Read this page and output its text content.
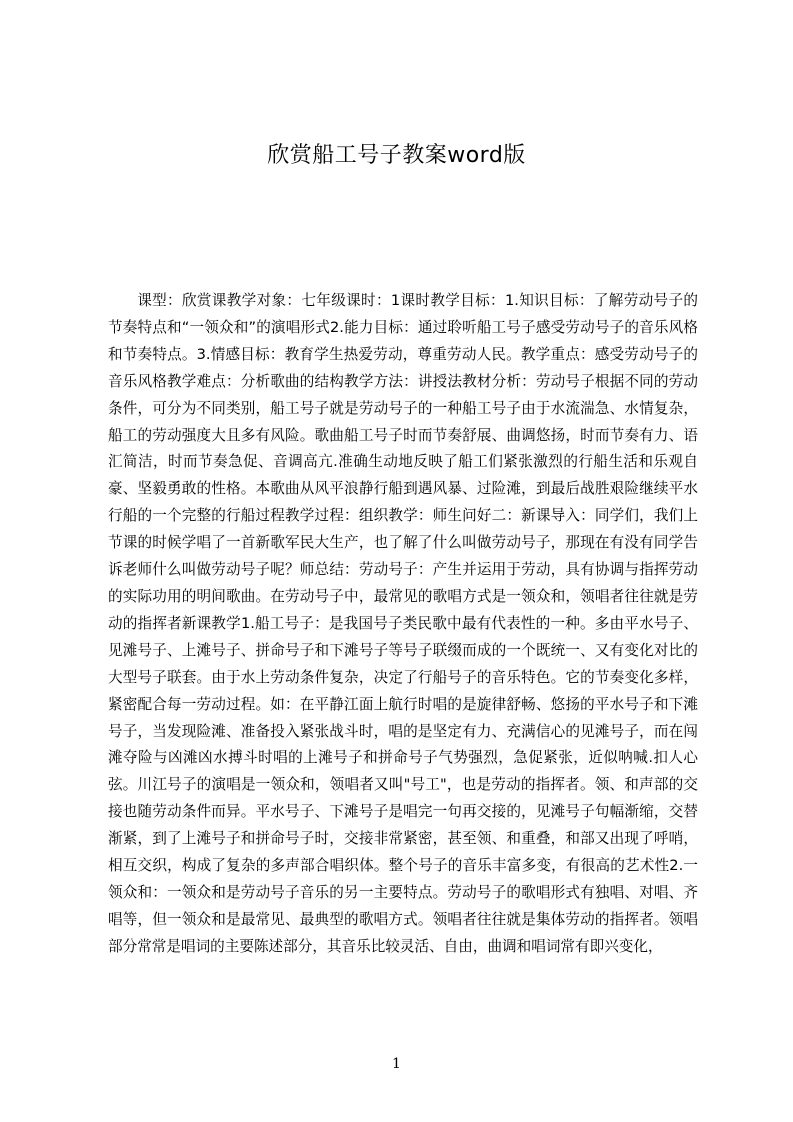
欣赏船工号子教案word版

课型：欣赏课教学对象：七年级课时：1课时教学目标：1.知识目标：了解劳动号子的节奏特点和“一领众和”的演唱形式2.能力目标：通过聆听船工号子感受劳动号子的音乐风格和节奏特点。3.情感目标：教育学生热爱劳动，尊重劳动人民。教学重点：感受劳动号子的音乐风格教学难点：分析歌曲的结构教学方法：讲授法教材分析：劳动号子根据不同的劳动条件，可分为不同类别，船工号子就是劳动号子的一种船工号子由于水流湍急、水情复杂，船工的劳动强度大且多有风险。歌曲船工号子时而节奏舒展、曲调悠扬，时而节奏有力、语汇简洁，时而节奏急促、音调高亢.准确生动地反映了船工们紧张激烈的行船生活和乐观自豪、坚毅勇敢的性格。本歌曲从风平浪静行船到遇风暴、过险滩，到最后战胜艰险继续平水行船的一个完整的行船过程教学过程：组织教学：师生问好二：新课导入：同学们，我们上节课的时候学唱了一首新歌军民大生产，也了解了什么叫做劳动号子，那现在有没有同学告诉老师什么叫做劳动号子呢？师总结：劳动号子：产生并运用于劳动，具有协调与指挥劳动的实际功用的明间歌曲。在劳动号子中，最常见的歌唱方式是一领众和，领唱者往往就是劳动的指挥者新课教学1.船工号子：是我国号子类民歌中最有代表性的一种。多由平水号子、见滩号子、上滩号子、拼命号子和下滩号子等号子联缀而成的一个既统一、又有变化对比的大型号子联套。由于水上劳动条件复杂，决定了行船号子的音乐特色。它的节奏变化多样，紧密配合每一劳动过程。如：在平静江面上航行时唱的是旋律舒畅、悠扬的平水号子和下滩号子，当发现险滩、准备投入紧张战斗时，唱的是坚定有力、充满信心的见滩号子，而在闯滩夺险与凶滩凶水搏斗时唱的上滩号子和拼命号子气势强烈，急促紧张，近似呐喊.扣人心弦。川江号子的演唱是一领众和，领唱者又叫"号工"，也是劳动的指挥者。领、和声部的交接也随劳动条件而异。平水号子、下滩号子是唱完一句再交接的，见滩号子句幅渐缩，交替渐紧，到了上滩号子和拼命号子时，交接非常紧密，甚至领、和重叠，和部又出现了呼哨，相互交织，构成了复杂的多声部合唱织体。整个号子的音乐丰富多变，有很高的艺术性2.一领众和：一领众和是劳动号子音乐的另一主要特点。劳动号子的歌唱形式有独唱、对唱、齐唱等，但一领众和是最常见、最典型的歌唱方式。领唱者往往就是集体劳动的指挥者。领唱部分常常是唱词的主要陈述部分，其音乐比较灵活、自由，曲调和唱词常有即兴变化，

1
